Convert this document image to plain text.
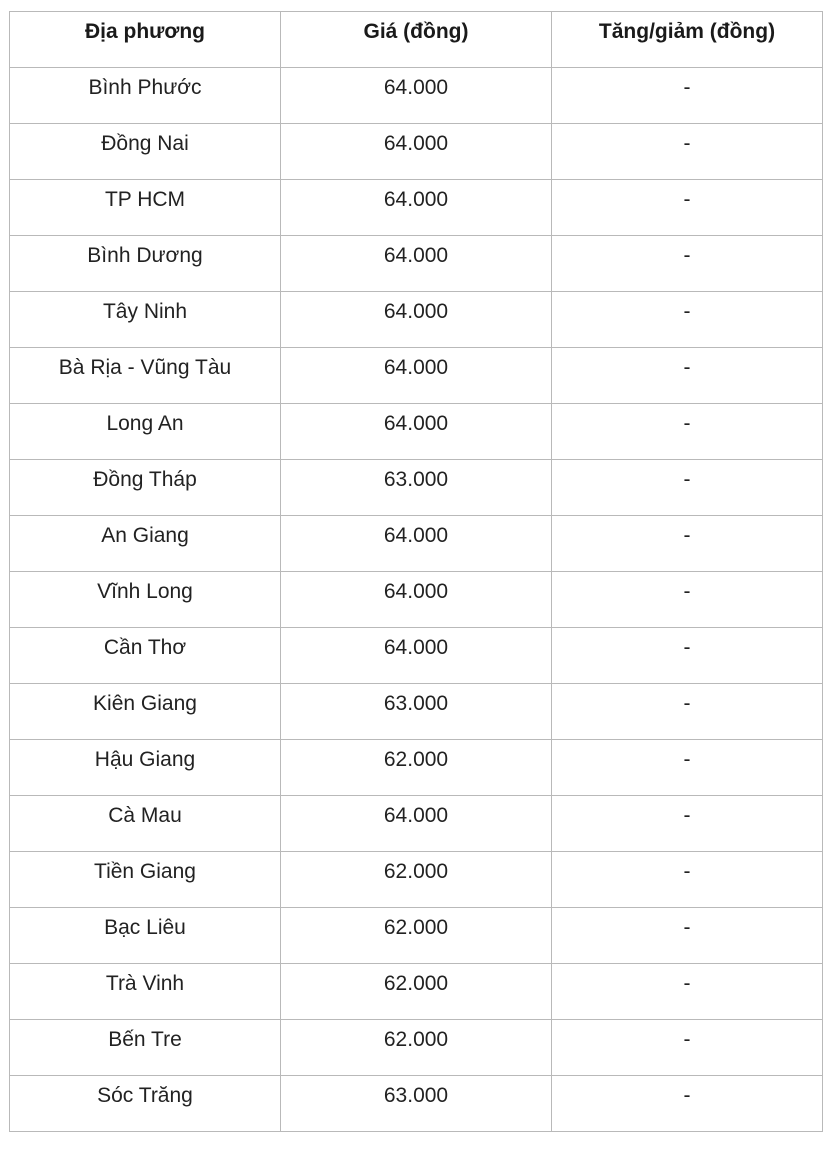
Địa phương	Giá (đồng)	Tăng/giảm (đồng)
Bình Phước	64.000	-
Đồng Nai	64.000	-
TP HCM	64.000	-
Bình Dương	64.000	-
Tây Ninh	64.000	-
Bà Rịa - Vũng Tàu	64.000	-
Long An	64.000	-
Đồng Tháp	63.000	-
An Giang	64.000	-
Vĩnh Long	64.000	-
Cần Thơ	64.000	-
Kiên Giang	63.000	-
Hậu Giang	62.000	-
Cà Mau	64.000	-
Tiền Giang	62.000	-
Bạc Liêu	62.000	-
Trà Vinh	62.000	-
Bến Tre	62.000	-
Sóc Trăng	63.000	-
